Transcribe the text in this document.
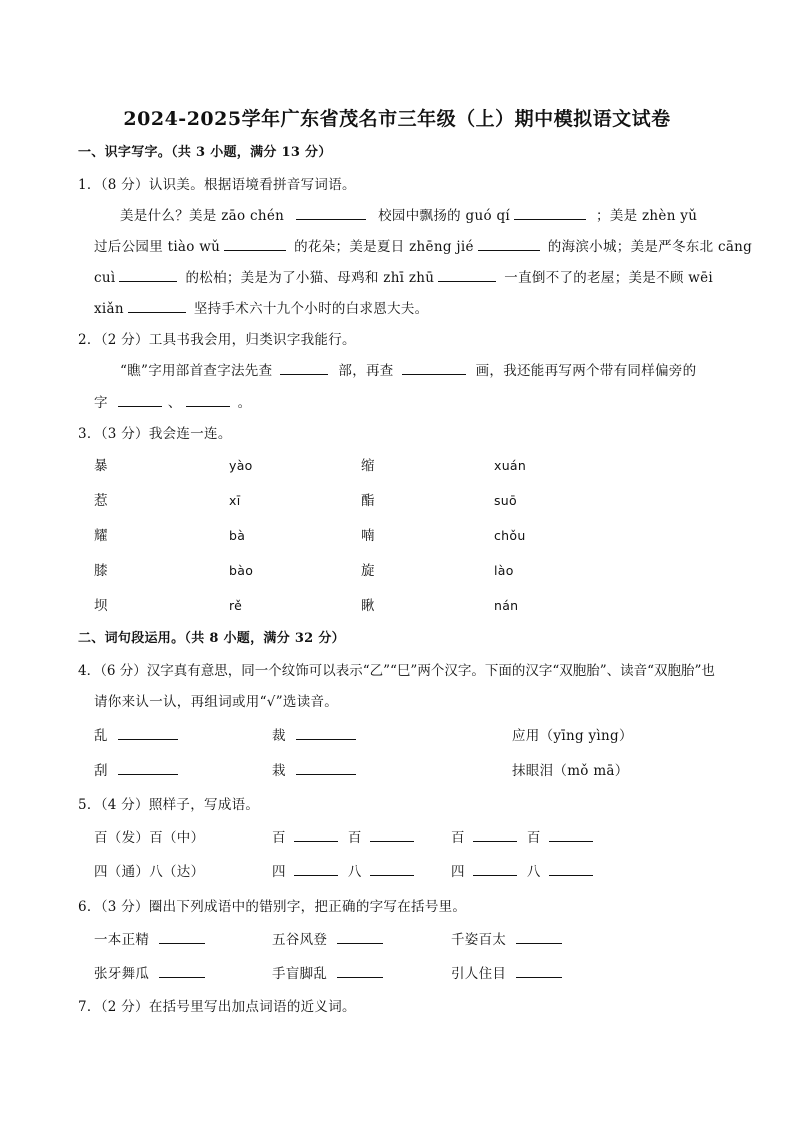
2024-2025学年广东省茂名市三年级（上）期中模拟语文试卷
一、识字写字。（共 3 小题，满分 13 分）
1．（8 分）认识美。根据语境看拼音写词语。
美是什么？美是 zāo chén	校园中飘扬的 guó qí	；美是 zhèn yǔ
过后公园里 tiào wǔ	的花朵；美是夏日 zhēng jié	的海滨小城；美是严冬东北 cāng
cuì	的松柏；美是为了小猫、母鸡和 zhī zhū	一直倒不了的老屋；美是不顾 wēi
xiǎn	坚持手术六十九个小时的白求恩大夫。
2．（2 分）工具书我会用，归类识字我能行。
“瞧”字用部首查字法先查	部，再查	画，我还能再写两个带有同样偏旁的
字	、	。
3．（3 分）我会连一连。
暴	yào	缩	xuán
惹	xī	酯	suō
耀	bà	喃	chǒu
膝	bào	旋	lào
坝	rě	瞅	nán
二、词句段运用。（共 8 小题，满分 32 分）
4．（6 分）汉字真有意思，同一个纹饰可以表示“乙”“巳”两个汉字。下面的汉字“双胞胎”、读音“双胞胎”也
请你来认一认，再组词或用“√”选读音。
乱	裁	应用（yīng yìng）
刮	栽	抹眼泪（mǒ mā）
5．（4 分）照样子，写成语。
百（发）百（中）	百	百	百	百
四（通）八（达）	四	八	四	八
6．（3 分）圈出下列成语中的错别字，把正确的字写在括号里。
一本正精	五谷风登	千姿百太
张牙舞瓜	手盲脚乱	引人住目
7．（2 分）在括号里写出加点词语的近义词。
